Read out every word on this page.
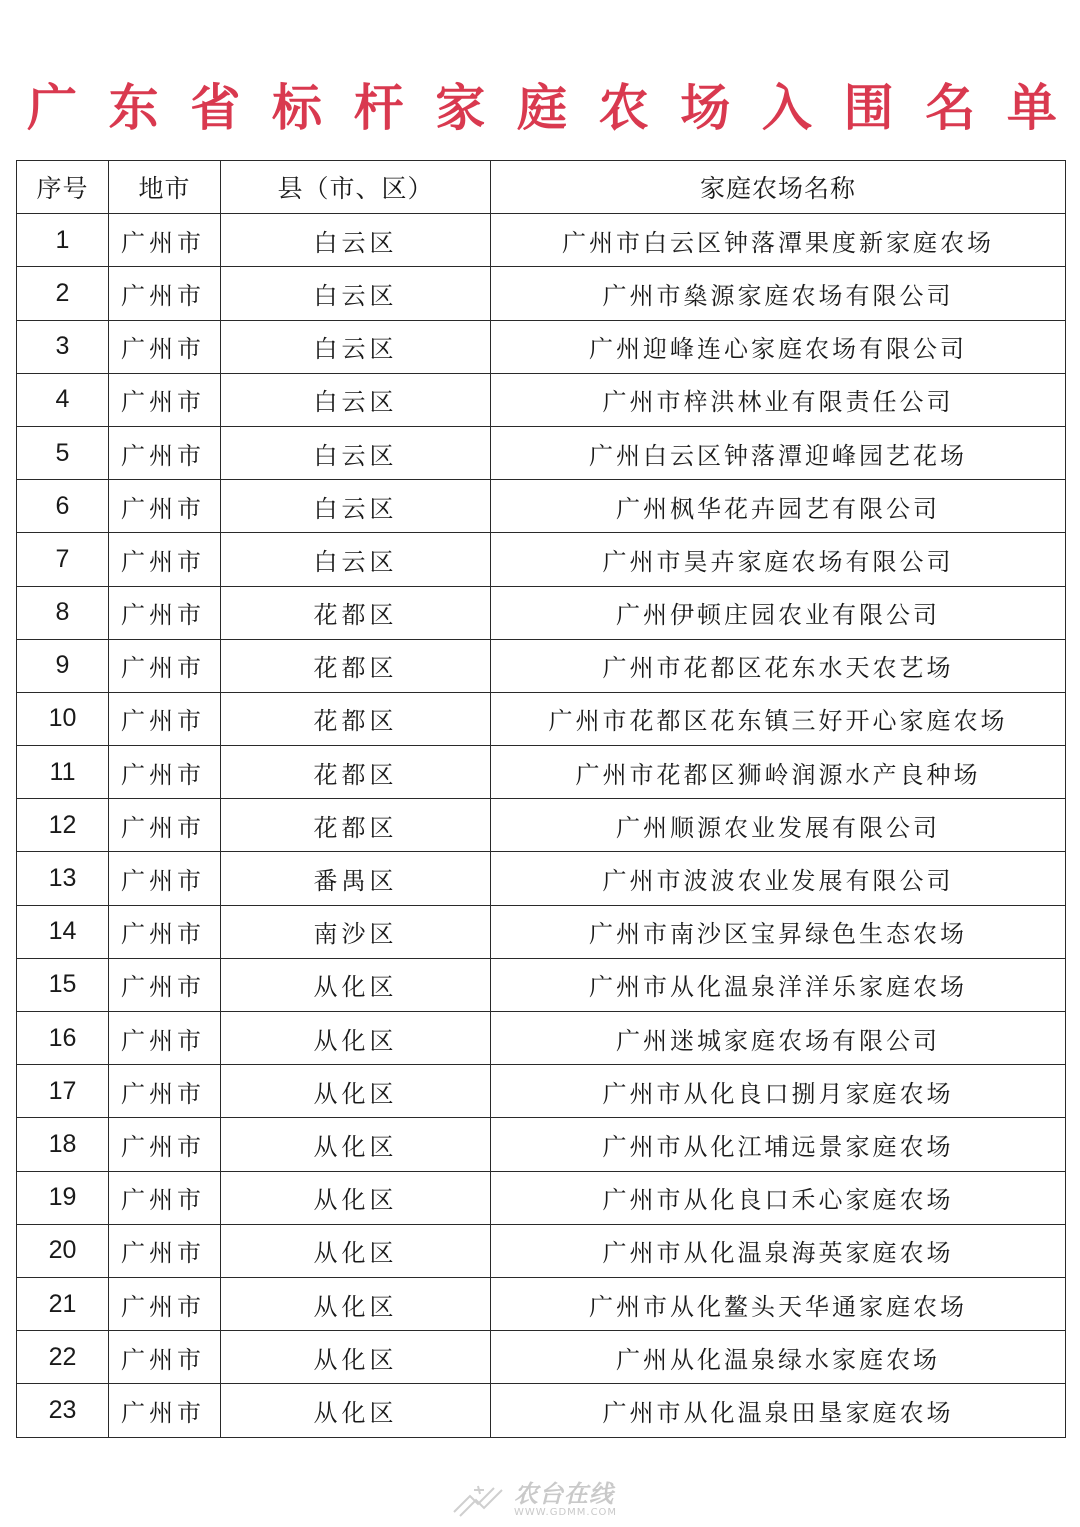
广 东 省 标 杆 家 庭 农 场 入 围 名 单
序号	地市	县（市、区）	家庭农场名称
1	广州市	白云区	广州市白云区钟落潭果度新家庭农场
2	广州市	白云区	广州市燊源家庭农场有限公司
3	广州市	白云区	广州迎峰连心家庭农场有限公司
4	广州市	白云区	广州市梓洪林业有限责任公司
5	广州市	白云区	广州白云区钟落潭迎峰园艺花场
6	广州市	白云区	广州枫华花卉园艺有限公司
7	广州市	白云区	广州市昊卉家庭农场有限公司
8	广州市	花都区	广州伊顿庄园农业有限公司
9	广州市	花都区	广州市花都区花东水天农艺场
10	广州市	花都区	广州市花都区花东镇三好开心家庭农场
11	广州市	花都区	广州市花都区狮岭润源水产良种场
12	广州市	花都区	广州顺源农业发展有限公司
13	广州市	番禺区	广州市波波农业发展有限公司
14	广州市	南沙区	广州市南沙区宝昇绿色生态农场
15	广州市	从化区	广州市从化温泉洋洋乐家庭农场
16	广州市	从化区	广州迷城家庭农场有限公司
17	广州市	从化区	广州市从化良口捌月家庭农场
18	广州市	从化区	广州市从化江埔远景家庭农场
19	广州市	从化区	广州市从化良口禾心家庭农场
20	广州市	从化区	广州市从化温泉海英家庭农场
21	广州市	从化区	广州市从化鳌头天华通家庭农场
22	广州市	从化区	广州从化温泉绿水家庭农场
23	广州市	从化区	广州市从化温泉田垦家庭农场
农台在线
WWW.GDMM.COM
